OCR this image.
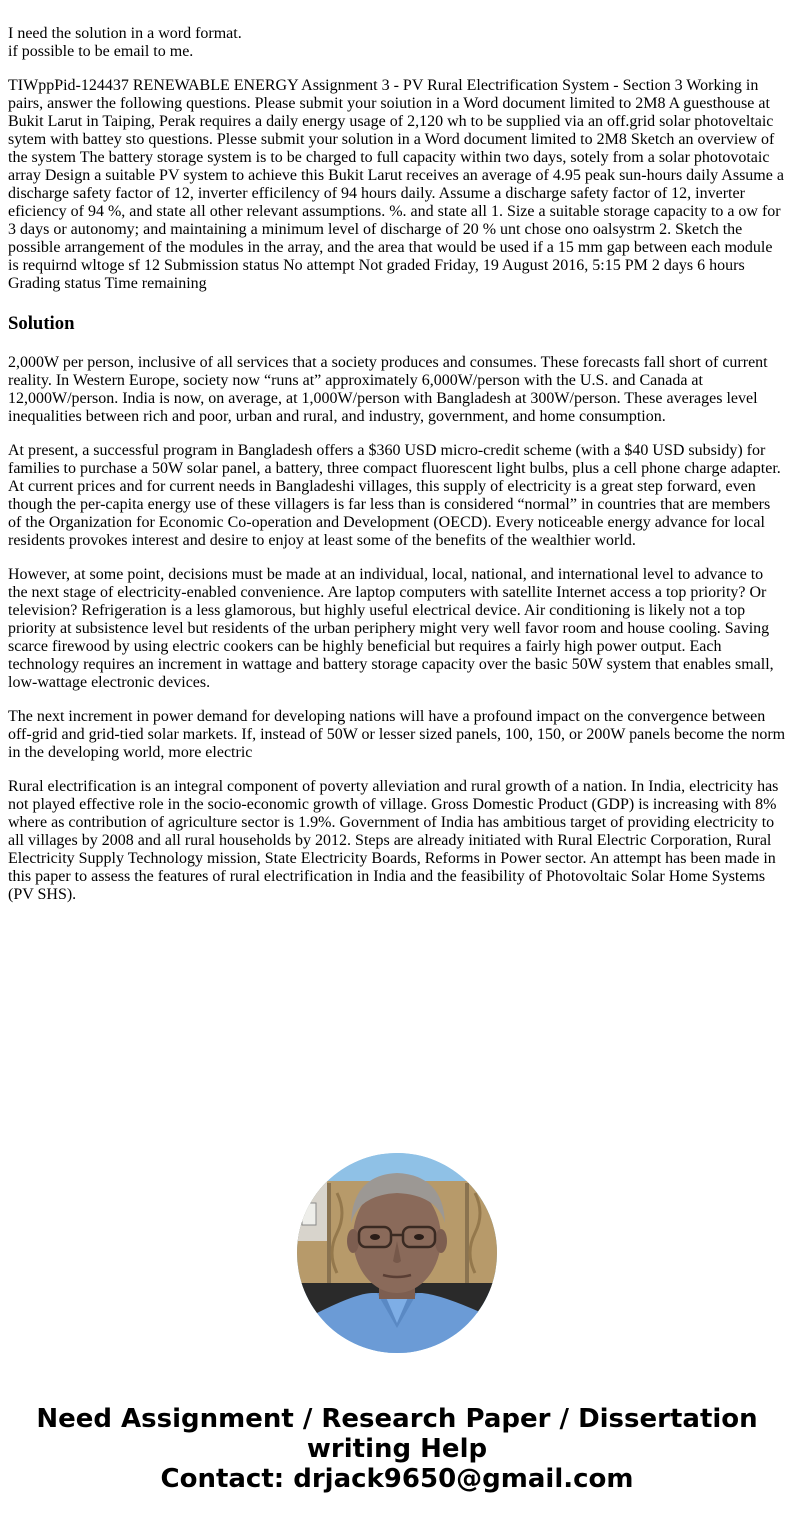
I need the solution in a word format.
if possible to be email to me.

TIWppPid-124437 RENEWABLE ENERGY Assignment 3 - PV Rural Electrification System - Section 3 Working in pairs, answer the following questions. Please submit your soiution in a Word document limited to 2M8 A guesthouse at Bukit Larut in Taiping, Perak requires a daily energy usage of 2,120 wh to be supplied via an off.grid solar photoveltaic sytem with battey sto questions. Plesse submit your solution in a Word document limited to 2M8 Sketch an overview of the system The battery storage system is to be charged to full capacity within two days, sotely from a solar photovotaic array Design a suitable PV system to achieve this Bukit Larut receives an average of 4.95 peak sun-hours daily Assume a discharge safety factor of 12, inverter efficilency of 94 hours daily. Assume a discharge safety factor of 12, inverter eficiency of 94 %, and state all other relevant assumptions. %. and state all 1. Size a suitable storage capacity to a ow for 3 days or autonomy; and maintaining a minimum level of discharge of 20 % unt chose ono oalsystrm 2. Sketch the possible arrangement of the modules in the array, and the area that would be used if a 15 mm gap between each module is requirnd wltoge sf 12 Submission status No attempt Not graded Friday, 19 August 2016, 5:15 PM 2 days 6 hours Grading status Time remaining

Solution

2,000W per person, inclusive of all services that a society produces and consumes. These forecasts fall short of current reality. In Western Europe, society now “runs at” approximately 6,000W/person with the U.S. and Canada at 12,000W/person. India is now, on average, at 1,000W/person with Bangladesh at 300W/person. These averages level inequalities between rich and poor, urban and rural, and industry, government, and home consumption.

At present, a successful program in Bangladesh offers a $360 USD micro-credit scheme (with a $40 USD subsidy) for families to purchase a 50W solar panel, a battery, three compact fluorescent light bulbs, plus a cell phone charge adapter. At current prices and for current needs in Bangladeshi villages, this supply of electricity is a great step forward, even though the per-capita energy use of these villagers is far less than is considered “normal” in countries that are members of the Organization for Economic Co-operation and Development (OECD). Every noticeable energy advance for local residents provokes interest and desire to enjoy at least some of the benefits of the wealthier world.

However, at some point, decisions must be made at an individual, local, national, and international level to advance to the next stage of electricity-enabled convenience. Are laptop computers with satellite Internet access a top priority? Or television? Refrigeration is a less glamorous, but highly useful electrical device. Air conditioning is likely not a top priority at subsistence level but residents of the urban periphery might very well favor room and house cooling. Saving scarce firewood by using electric cookers can be highly beneficial but requires a fairly high power output. Each technology requires an increment in wattage and battery storage capacity over the basic 50W system that enables small, low-wattage electronic devices.

The next increment in power demand for developing nations will have a profound impact on the convergence between off-grid and grid-tied solar markets. If, instead of 50W or lesser sized panels, 100, 150, or 200W panels become the norm in the developing world, more electric

Rural electrification is an integral component of poverty alleviation and rural growth of a nation. In India, electricity has not played effective role in the socio-economic growth of village. Gross Domestic Product (GDP) is increasing with 8% where as contribution of agriculture sector is 1.9%. Government of India has ambitious target of providing electricity to all villages by 2008 and all rural households by 2012. Steps are already initiated with Rural Electric Corporation, Rural Electricity Supply Technology mission, State Electricity Boards, Reforms in Power sector. An attempt has been made in this paper to assess the features of rural electrification in India and the feasibility of Photovoltaic Solar Home Systems (PV SHS).

Need Assignment / Research Paper / Dissertation
writing Help
Contact: drjack9650@gmail.com
